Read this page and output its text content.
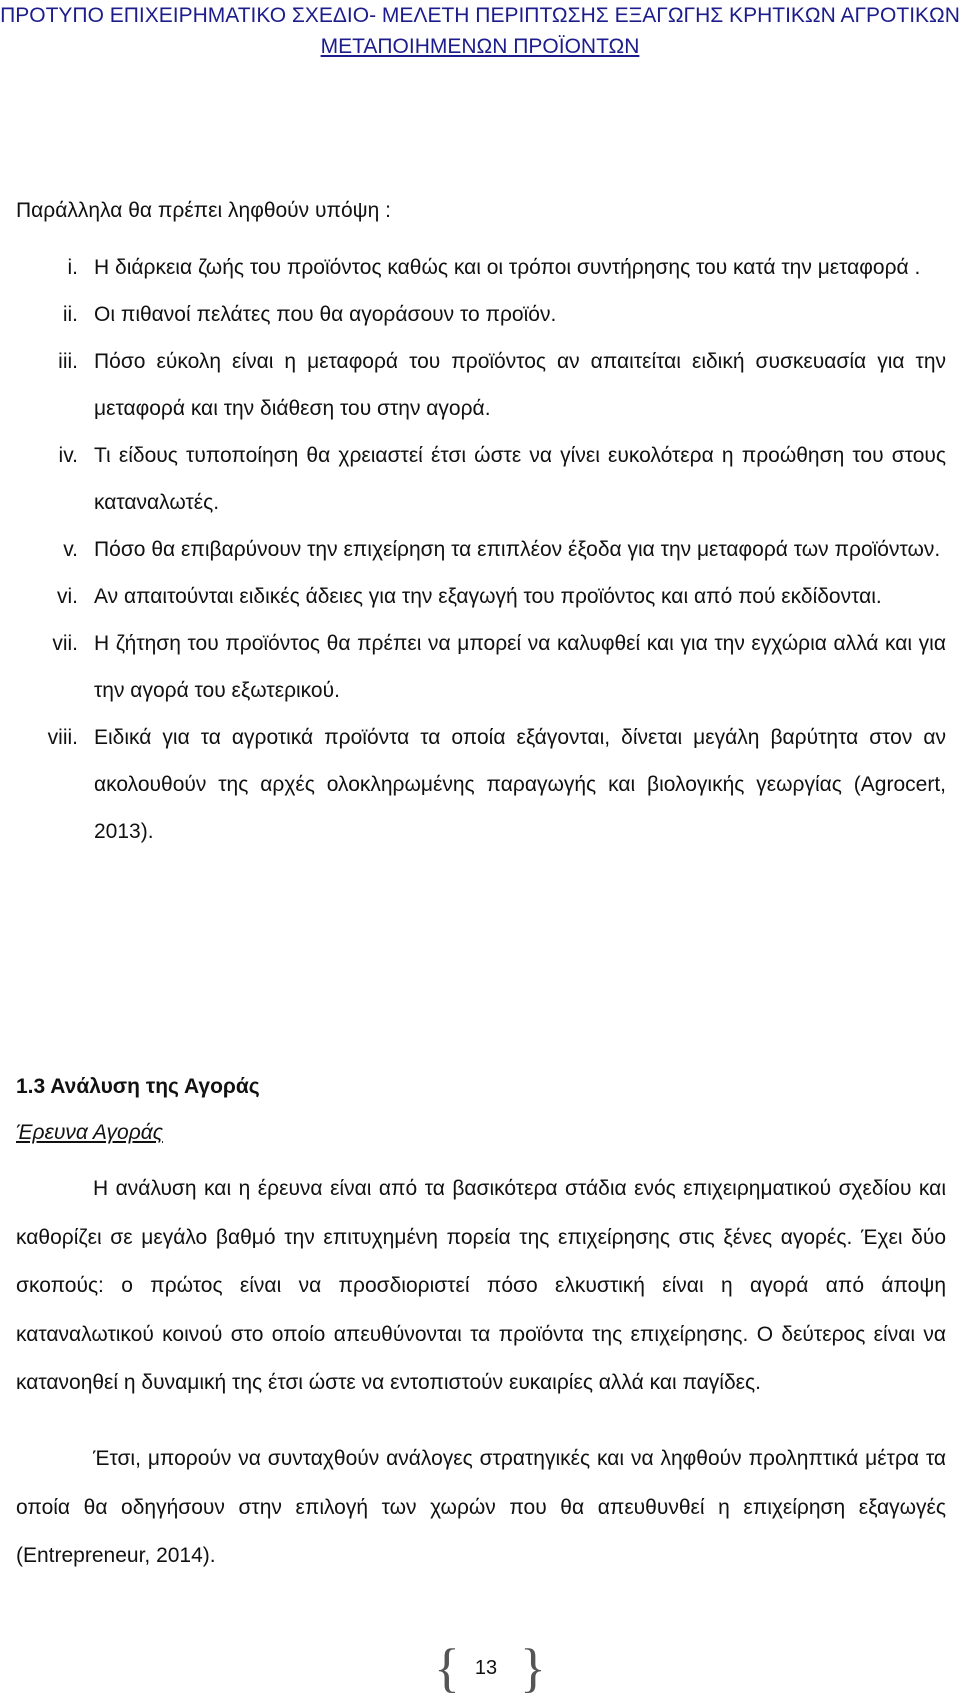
ΠΡΟΤΥΠΟ ΕΠΙΧΕΙΡΗΜΑΤΙΚΟ ΣΧΕΔΙΟ- ΜΕΛΕΤΗ ΠΕΡΙΠΤΩΣΗΣ ΕΞΑΓΩΓΗΣ ΚΡΗΤΙΚΩΝ ΑΓΡΟΤΙΚΩΝ
ΜΕΤΑΠΟΙΗΜΕΝΩΝ ΠΡΟΪΟΝΤΩΝ
Παράλληλα θα πρέπει ληφθούν υπόψη :
i. Η διάρκεια ζωής του προϊόντος καθώς και οι τρόποι συντήρησης του κατά την μεταφορά .
ii. Οι πιθανοί πελάτες που θα αγοράσουν το προϊόν.
iii. Πόσο εύκολη είναι η μεταφορά του προϊόντος αν απαιτείται ειδική συσκευασία για την μεταφορά και την διάθεση του στην αγορά.
iv. Τι είδους τυποποίηση θα χρειαστεί έτσι ώστε να γίνει ευκολότερα η προώθηση του στους καταναλωτές.
v. Πόσο θα επιβαρύνουν την επιχείρηση τα επιπλέον έξοδα για την μεταφορά των προϊόντων.
vi. Αν απαιτούνται ειδικές άδειες για την εξαγωγή του προϊόντος και από πού εκδίδονται.
vii. Η ζήτηση του προϊόντος θα πρέπει να μπορεί να καλυφθεί και για την εγχώρια αλλά και για την αγορά του εξωτερικού.
viii. Ειδικά για τα αγροτικά προϊόντα τα οποία εξάγονται, δίνεται μεγάλη βαρύτητα στον αν ακολουθούν της αρχές ολοκληρωμένης παραγωγής και βιολογικής γεωργίας (Agrocert, 2013).
1.3 Ανάλυση της Αγοράς
Έρευνα Αγοράς

Η ανάλυση και η έρευνα είναι από τα βασικότερα στάδια ενός επιχειρηματικού σχεδίου και καθορίζει σε μεγάλο βαθμό την επιτυχημένη πορεία της επιχείρησης στις ξένες αγορές. Έχει δύο σκοπούς: ο πρώτος είναι να προσδιοριστεί πόσο ελκυστική είναι η αγορά από άποψη καταναλωτικού κοινού στο οποίο απευθύνονται τα προϊόντα της επιχείρησης. Ο δεύτερος είναι να κατανοηθεί η δυναμική της έτσι ώστε να εντοπιστούν ευκαιρίες αλλά και παγίδες.

Έτσι, μπορούν να συνταχθούν ανάλογες στρατηγικές και να ληφθούν προληπτικά μέτρα τα οποία θα οδηγήσουν στην επιλογή των χωρών που θα απευθυνθεί η επιχείρηση εξαγωγές (Entrepreneur, 2014).

{ 13 }
